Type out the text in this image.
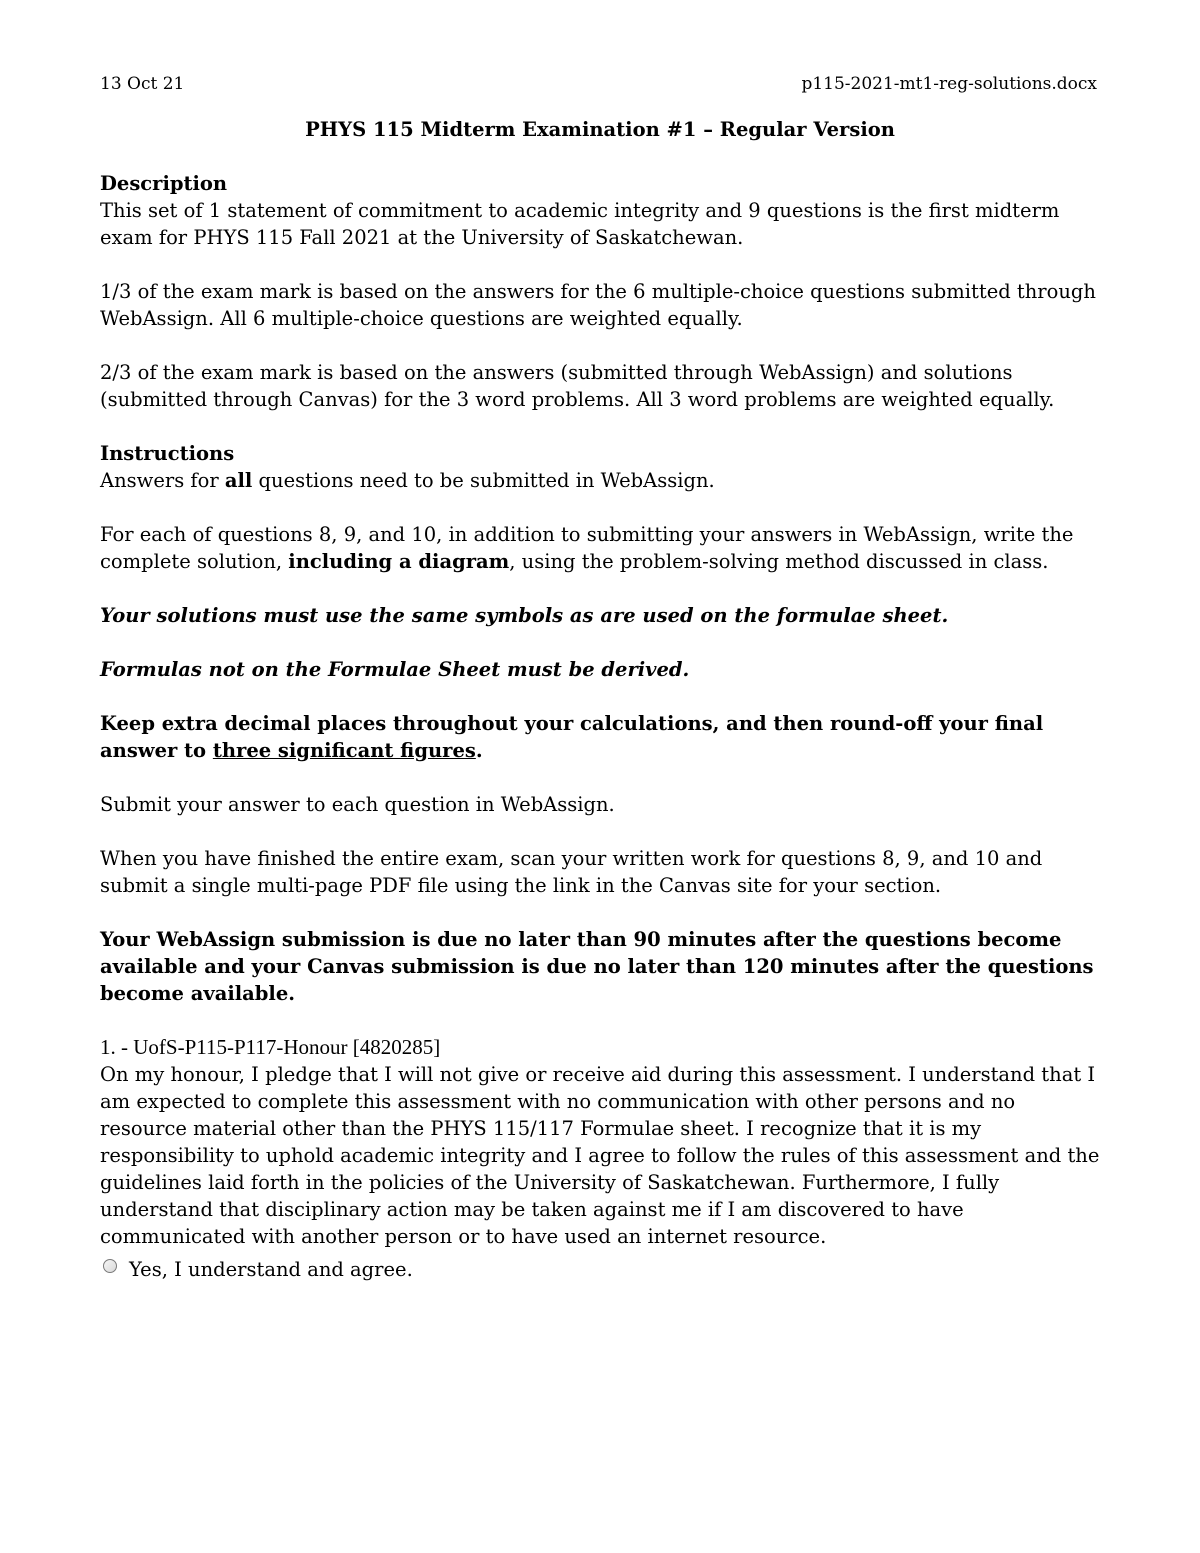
13 Oct 21	p115-2021-mt1-reg-solutions.docx
PHYS 115 Midterm Examination #1 – Regular Version

Description
This set of 1 statement of commitment to academic integrity and 9 questions is the first midterm exam for PHYS 115 Fall 2021 at the University of Saskatchewan.

1/3 of the exam mark is based on the answers for the 6 multiple-choice questions submitted through WebAssign. All 6 multiple-choice questions are weighted equally.

2/3 of the exam mark is based on the answers (submitted through WebAssign) and solutions (submitted through Canvas) for the 3 word problems. All 3 word problems are weighted equally.

Instructions
Answers for all questions need to be submitted in WebAssign.

For each of questions 8, 9, and 10, in addition to submitting your answers in WebAssign, write the complete solution, including a diagram, using the problem-solving method discussed in class.

Your solutions must use the same symbols as are used on the formulae sheet.

Formulas not on the Formulae Sheet must be derived.

Keep extra decimal places throughout your calculations, and then round-off your final answer to three significant figures.

Submit your answer to each question in WebAssign.

When you have finished the entire exam, scan your written work for questions 8, 9, and 10 and submit a single multi-page PDF file using the link in the Canvas site for your section.

Your WebAssign submission is due no later than 90 minutes after the questions become available and your Canvas submission is due no later than 120 minutes after the questions become available.

1. - UofS-P115-P117-Honour [4820285]
On my honour, I pledge that I will not give or receive aid during this assessment. I understand that I am expected to complete this assessment with no communication with other persons and no resource material other than the PHYS 115/117 Formulae sheet. I recognize that it is my responsibility to uphold academic integrity and I agree to follow the rules of this assessment and the guidelines laid forth in the policies of the University of Saskatchewan. Furthermore, I fully understand that disciplinary action may be taken against me if I am discovered to have communicated with another person or to have used an internet resource.
Yes, I understand and agree.
